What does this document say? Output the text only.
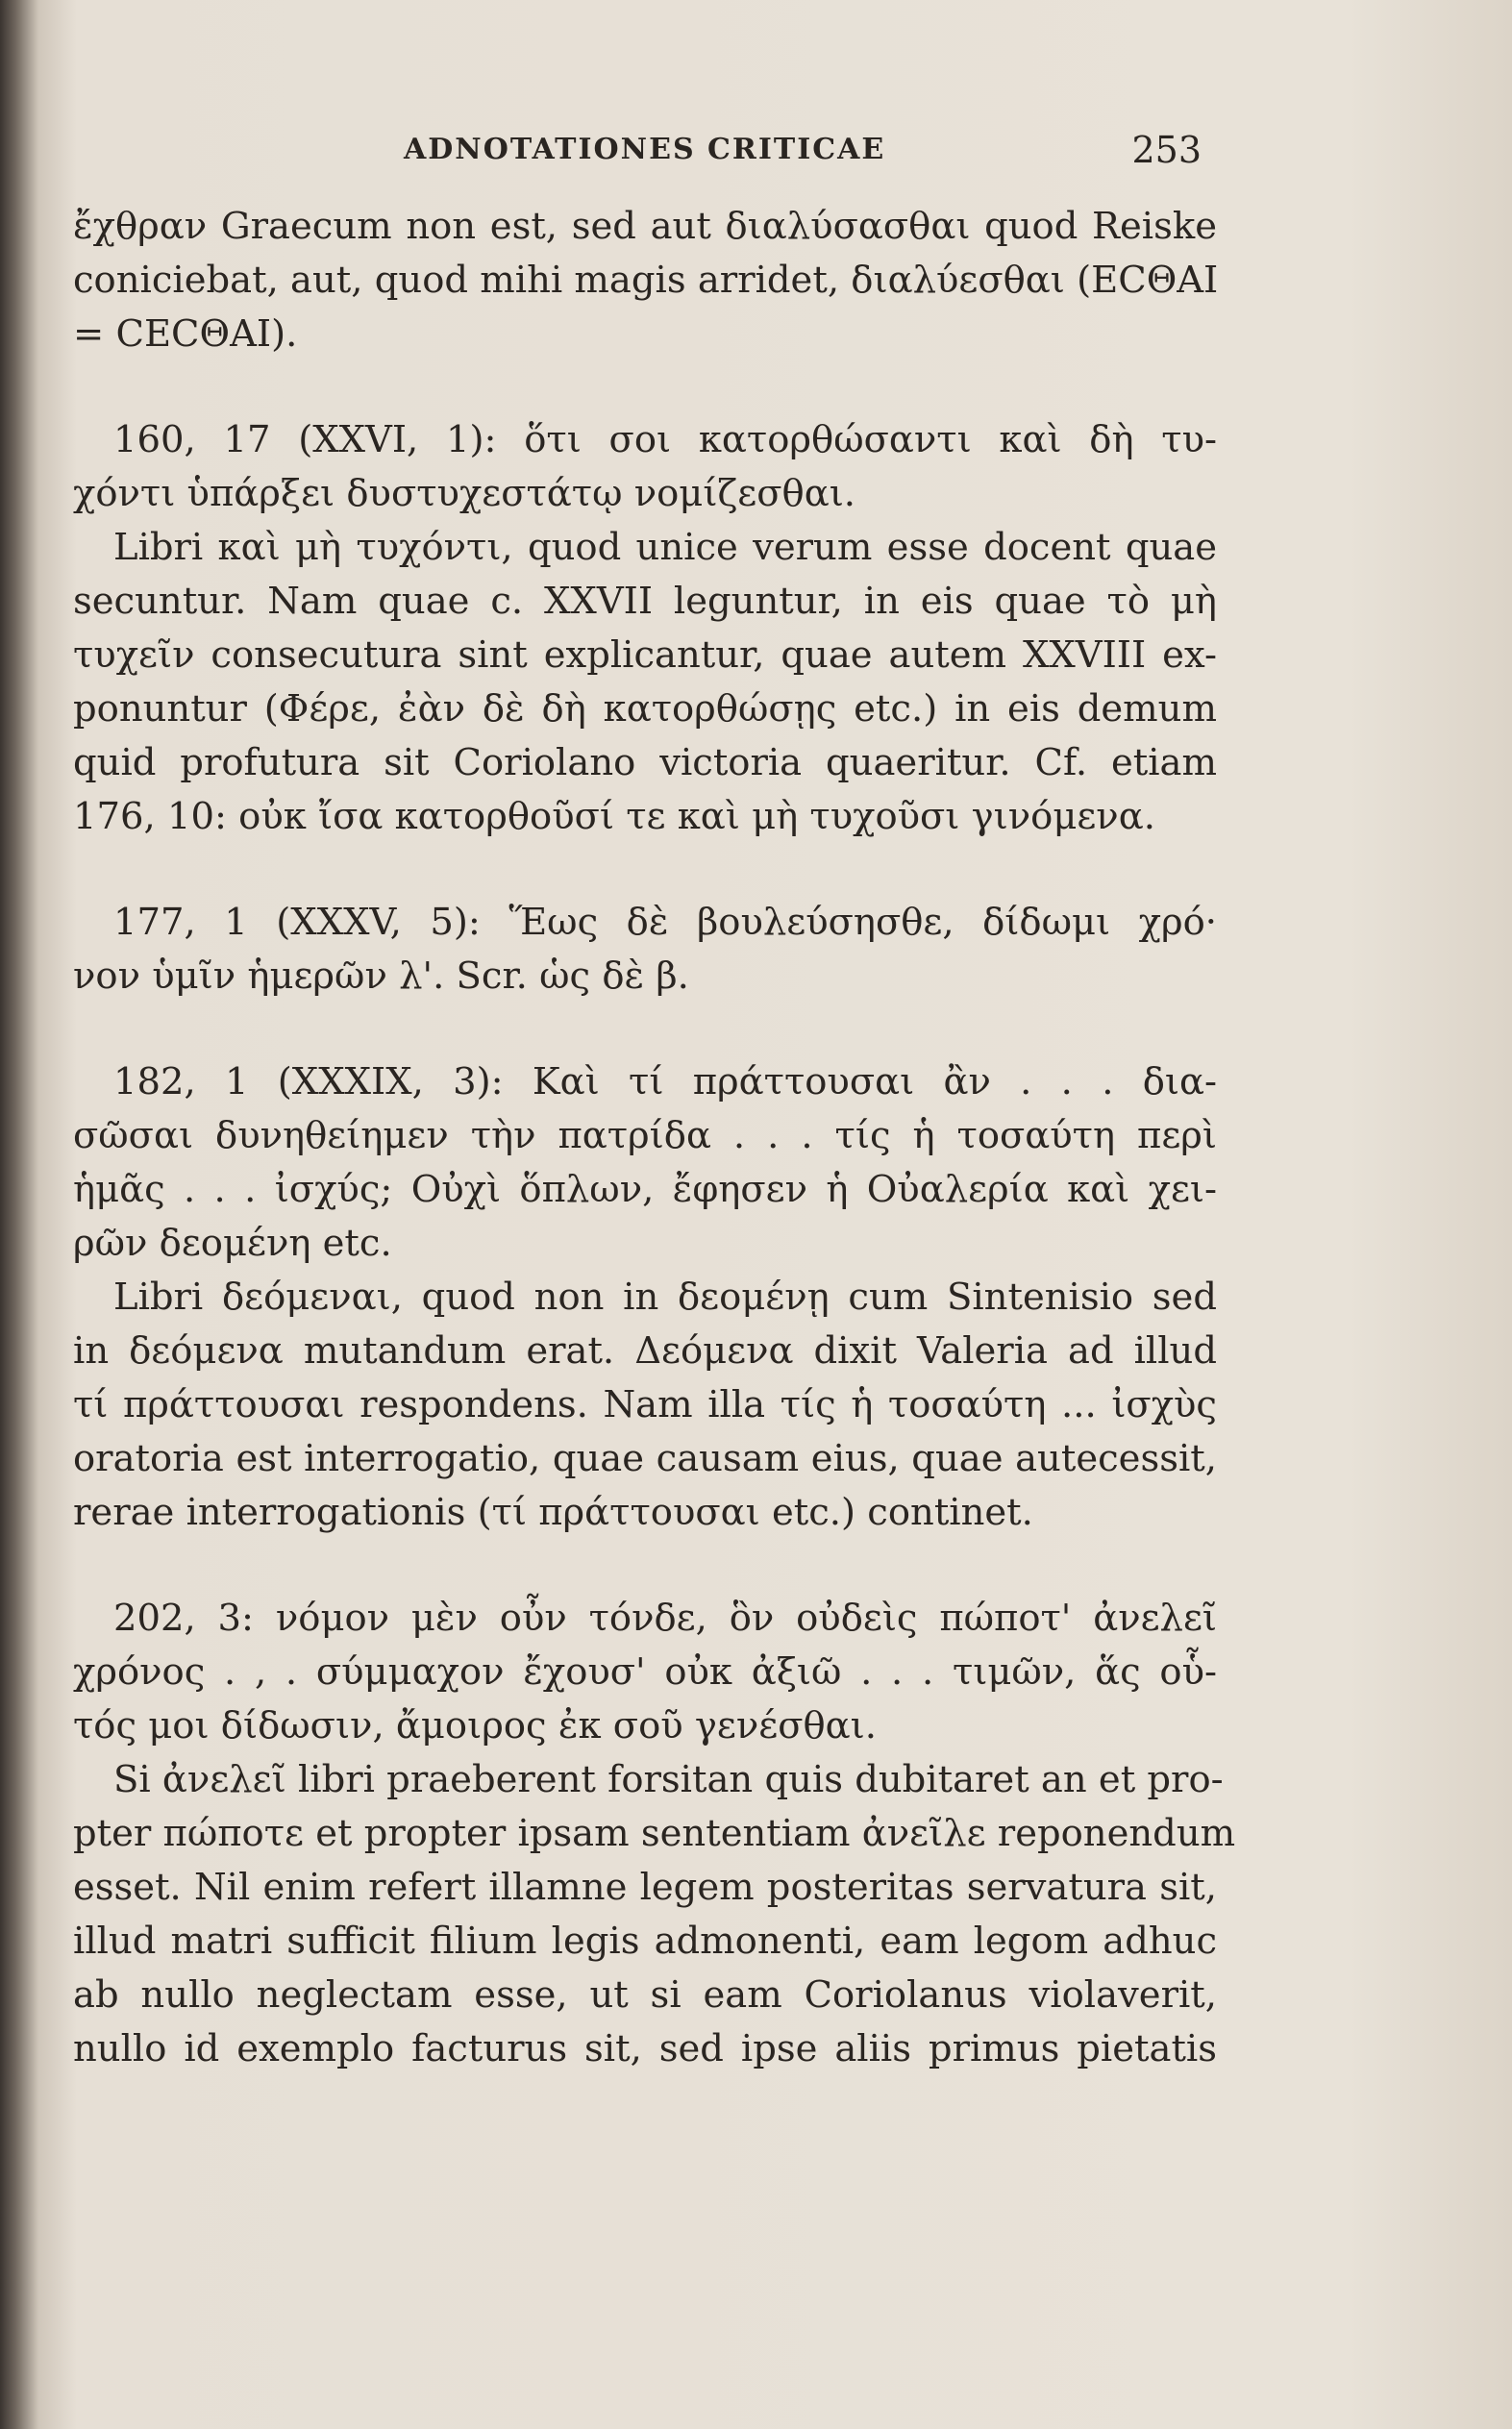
ADNOTATIONES CRITICAE	253
ἔχθραν Graecum non est, sed aut διαλύσασθαι quod Reiske
coniciebat, aut, quod mihi magis arridet, διαλύεσθαι (ΕCΘΑΙ
= CΕCΘΑΙ).
160, 17 (XXVI, 1): ὅτι σοι κατορθώσαντι καὶ δὴ τυ-
χόντι ὑπάρξει δυστυχεστάτῳ νομίζεσθαι.
Libri καὶ μὴ τυχόντι, quod unice verum esse docent quae
secuntur. Nam quae c. XXVII leguntur, in eis quae τὸ μὴ
τυχεῖν consecutura sint explicantur, quae autem XXVIII ex-
ponuntur (Φέρε, ἐὰν δὲ δὴ κατορθώσῃς etc.) in eis demum
quid profutura sit Coriolano victoria quaeritur. Cf. etiam
176, 10: οὐκ ἴσα κατορθοῦσί τε καὶ μὴ τυχοῦσι γινόμενα.
177, 1 (XXXV, 5): Ἕως δὲ βουλεύσησθε, δίδωμι χρό·
νον ὑμῖν ἡμερῶν λ'. Scr. ὡς δὲ β.
182, 1 (XXXIX, 3): Καὶ τί πράττουσαι ἂν . . . δια-
σῶσαι δυνηθείημεν τὴν πατρίδα . . . τίς ἡ τοσαύτη περὶ
ἡμᾶς . . . ἰσχύς; Οὐχὶ ὅπλων, ἔφησεν ἡ Οὐαλερία καὶ χει-
ρῶν δεομένη etc.
Libri δεόμεναι, quod non in δεομένῃ cum Sintenisio sed
in δεόμενα mutandum erat. Δεόμενα dixit Valeria ad illud
τί πράττουσαι respondens. Nam illa τίς ἡ τοσαύτη ... ἰσχὺς
oratoria est interrogatio, quae causam eius, quae autecessit,
rerae interrogationis (τί πράττουσαι etc.) continet.
202, 3: νόμον μὲν οὖν τόνδε, ὃν οὐδεὶς πώποτ' ἀνελεῖ
χρόνος . , . σύμμαχον ἔχουσ' οὐκ ἀξιῶ . . . τιμῶν, ἅς οὗ-
τός μοι δίδωσιν, ἄμοιρος ἐκ σοῦ γενέσθαι.
Si ἀνελεῖ libri praeberent forsitan quis dubitaret an et pro-
pter πώποτε et propter ipsam sententiam ἀνεῖλε reponendum
esset. Nil enim refert illamne legem posteritas servatura sit,
illud matri sufficit filium legis admonenti, eam legom adhuc
ab nullo neglectam esse, ut si eam Coriolanus violaverit,
nullo id exemplo facturus sit, sed ipse aliis primus pietatis
